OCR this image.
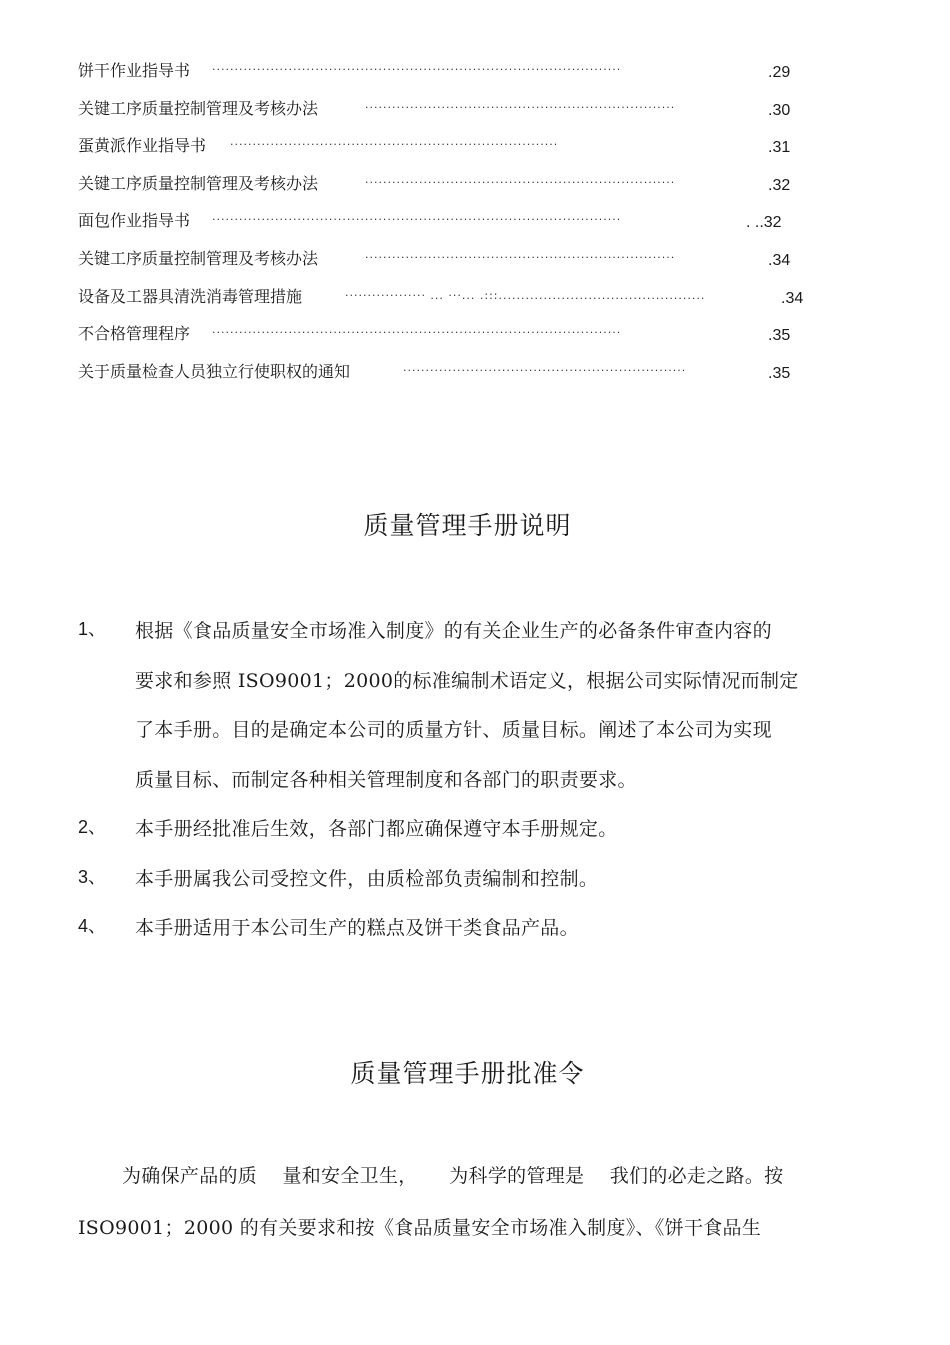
···························································································
饼干作业指导书	.29
·····································································
关键工序质量控制管理及考核办法	.30
·········································································
蛋黄派作业指导书	.31
·····································································
关键工序质量控制管理及考核办法	.32
···························································································
面包作业指导书	. ..32
·····································································
关键工序质量控制管理及考核办法	.34
·················· ... ···... .:::..............................................
设备及工器具清洗消毒管理措施	.34
···························································································
不合格管理程序	.35
·······························································
关于质量检查人员独立行使职权的通知	.35
质量管理手册说明
1、 根据《食品质量安全市场准入制度》的有关企业生产的必备条件审查内容的
要求和参照 ISO9001；2000的标准编制术语定义，根据公司实际情况而制定
了本手册。目的是确定本公司的质量方针、质量目标。阐述了本公司为实现
质量目标、而制定各种相关管理制度和各部门的职责要求。
2、 本手册经批准后生效，各部门都应确保遵守本手册规定。
3、 本手册属我公司受控文件，由质检部负责编制和控制。
4、 本手册适用于本公司生产的糕点及饼干类食品产品。
质量管理手册批准令
为确保产品的质    量和安全卫生，     为科学的管理是    我们的必走之路。按
ISO9001；2000 的有关要求和按《食品质量安全市场准入制度》、《饼干食品生
